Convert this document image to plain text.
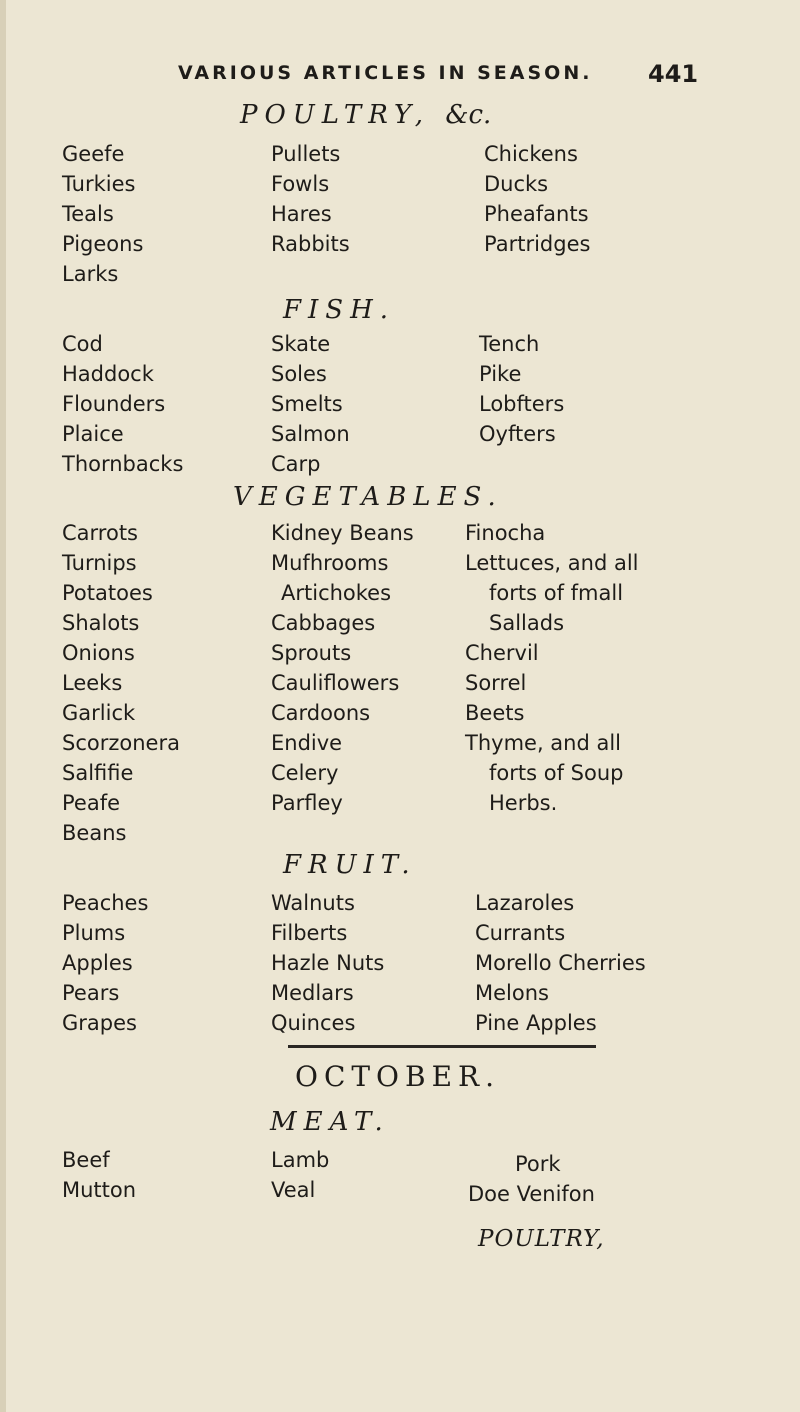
VARIOUS ARTICLES IN SEASON. 441
POULTRY, &c.
Geefe
Turkies
Teals
Pigeons
Larks
Pullets
Fowls
Hares
Rabbits
Chickens
Ducks
Pheafants
Partridges
FISH.
Cod
Haddock
Flounders
Plaice
Thornbacks
Skate
Soles
Smelts
Salmon
Carp
Tench
Pike
Lobfters
Oyfters
VEGETABLES.
Carrots
Turnips
Potatoes
Shalots
Onions
Leeks
Garlick
Scorzonera
Salfifie
Peafe
Beans
Kidney Beans
Mufhrooms
Artichokes
Cabbages
Sprouts
Cauliflowers
Cardoons
Endive
Celery
Parfley
Finocha
Lettuces, and all
forts of fmall
Sallads
Chervil
Sorrel
Beets
Thyme, and all
forts of Soup
Herbs.
FRUIT.
Peaches
Plums
Apples
Pears
Grapes
Walnuts
Filberts
Hazle Nuts
Medlars
Quinces
Lazaroles
Currants
Morello Cherries
Melons
Pine Apples
OCTOBER.
MEAT.
Beef
Mutton
Lamb
Veal
Pork
Doe Venifon
POULTRY,
